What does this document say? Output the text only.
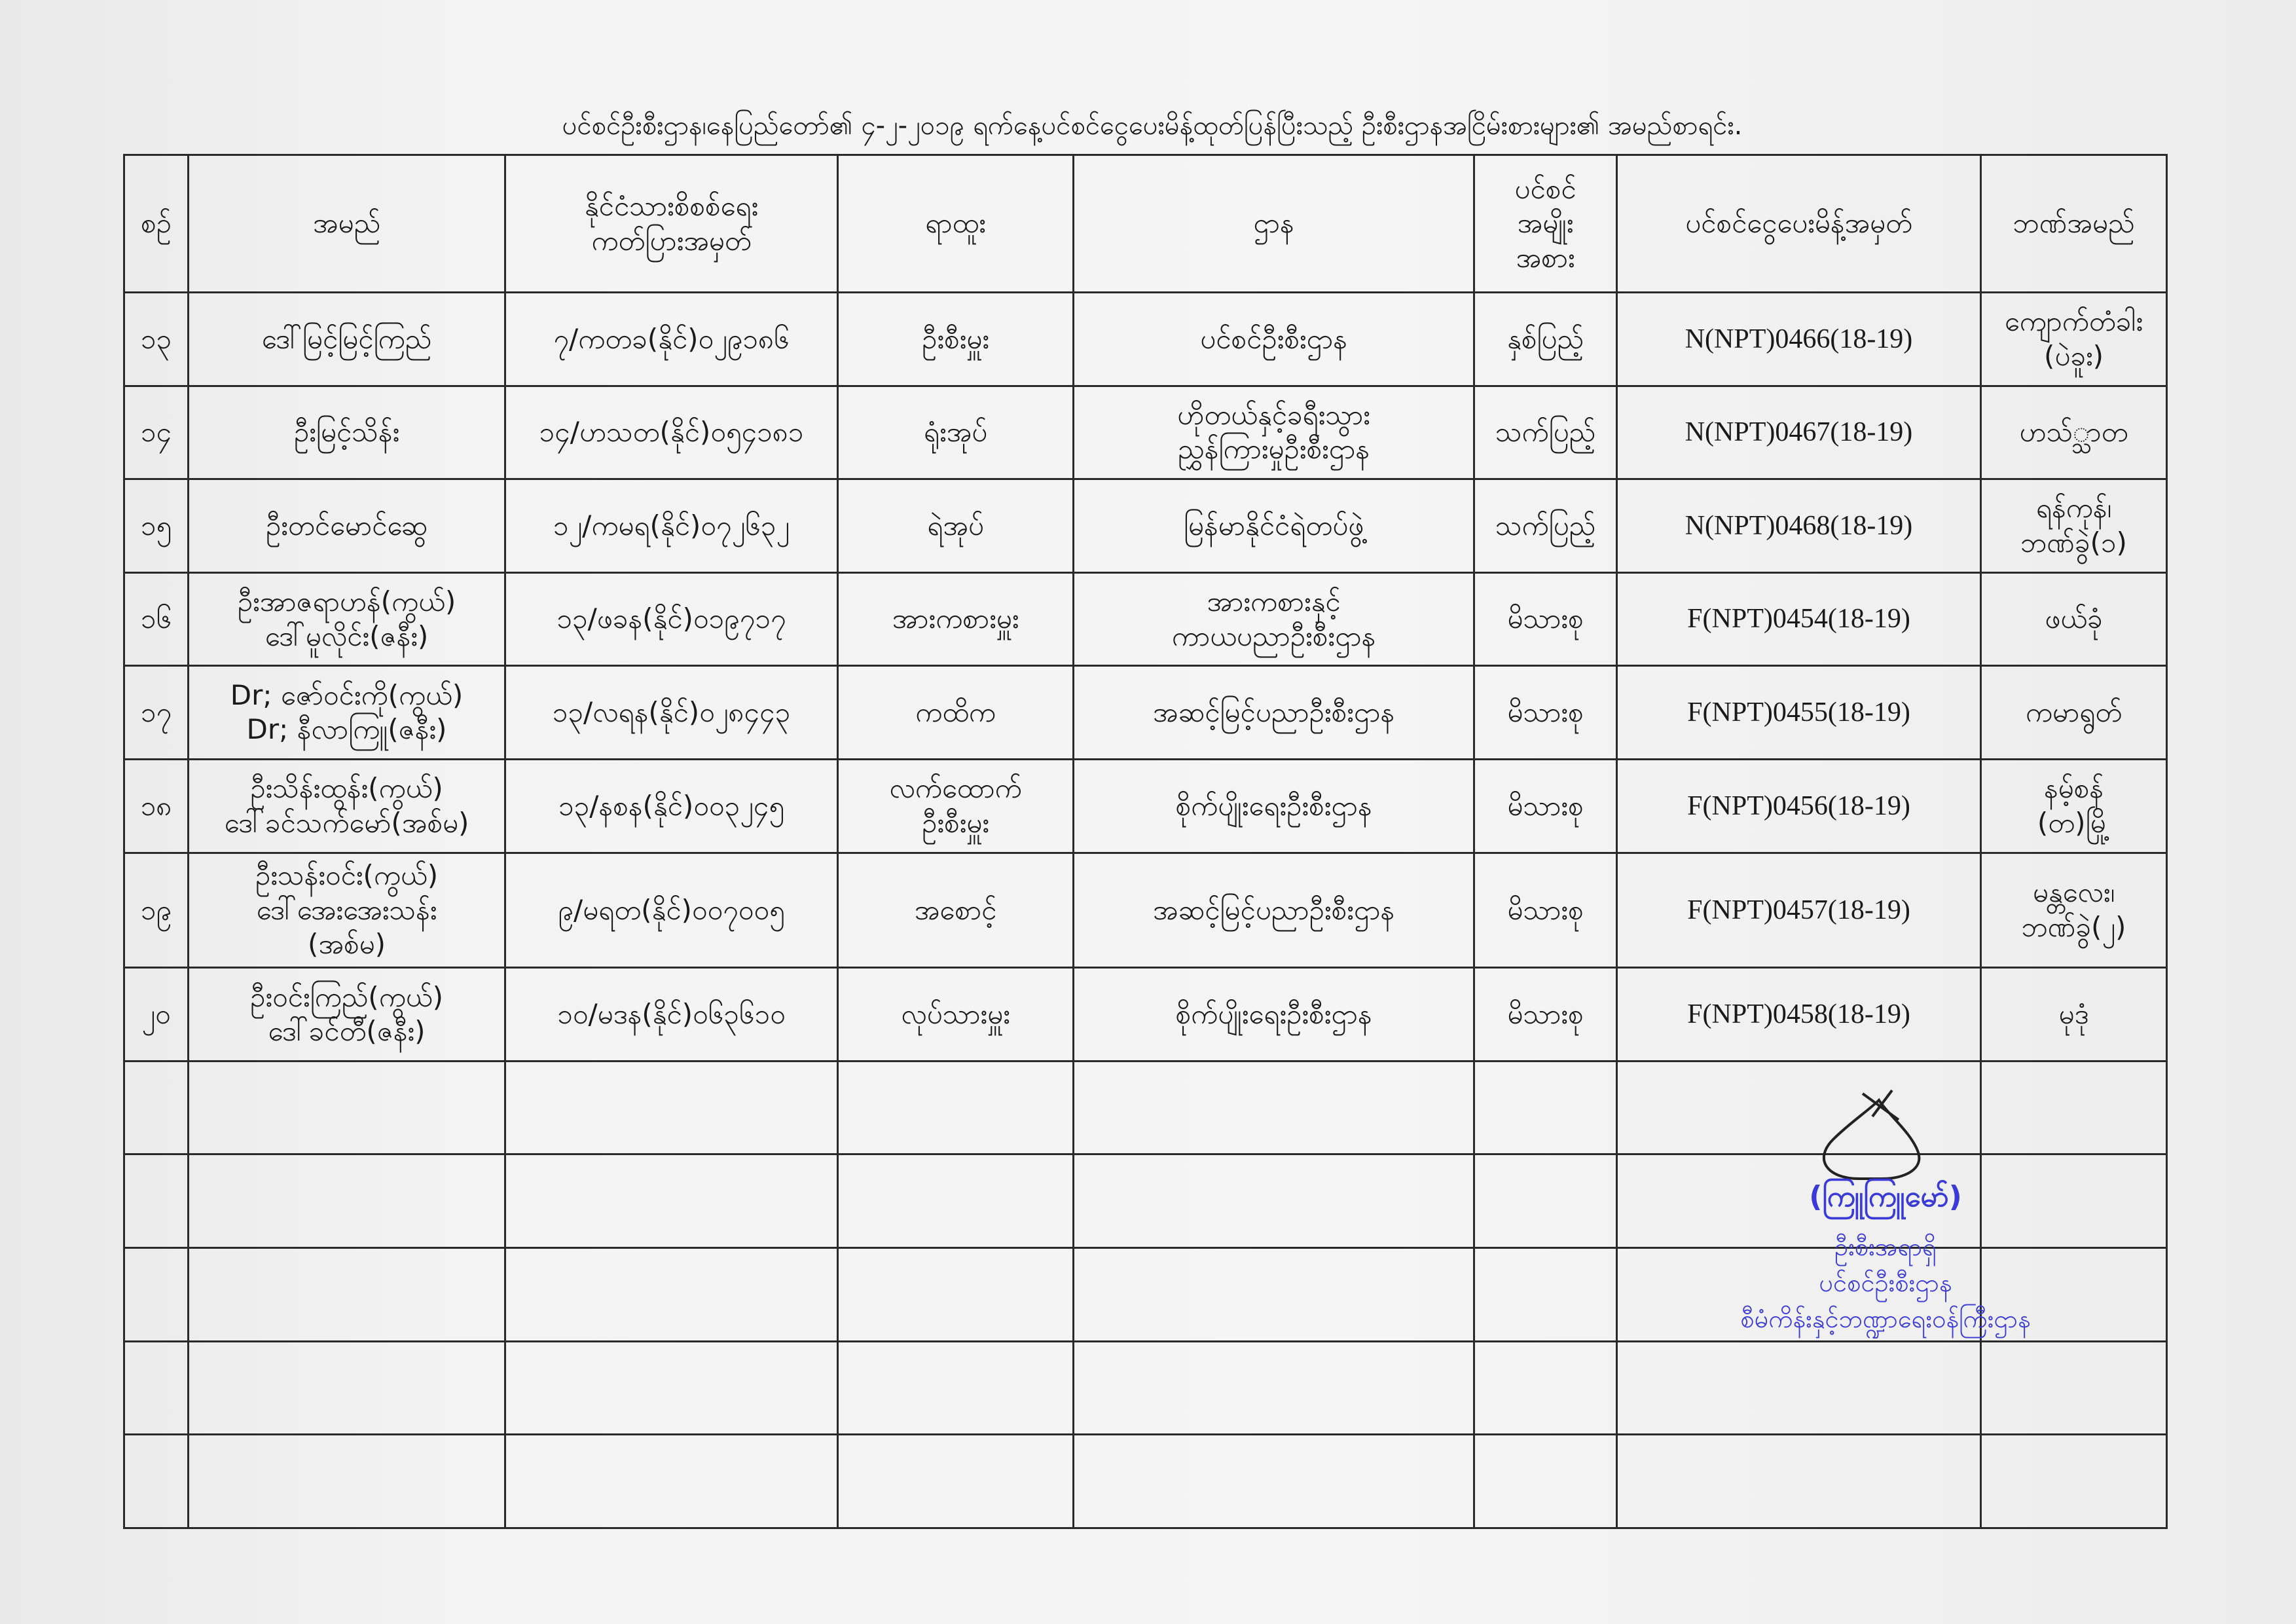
ပင်စင်ဦးစီးဌာန၊နေပြည်တော်၏ ၄-၂-၂၀၁၉ ရက်နေ့ပင်စင်ငွေပေးမိန့်ထုတ်ပြန်ပြီးသည့် ဦးစီးဌာနအငြိမ်းစားများ၏ အမည်စာရင်း.
စဉ်	အမည်	နိုင်ငံသားစိစစ်ရေး
ကတ်ပြားအမှတ်	ရာထူး	ဌာန	ပင်စင်
အမျိုး
အစား	ပင်စင်ငွေပေးမိန့်အမှတ်	ဘဏ်အမည်
၁၃	ဒေါ်မြင့်မြင့်ကြည်	၇/ကတခ(နိုင်)၀၂၉၁၈၆	ဦးစီးမှူး	ပင်စင်ဦးစီးဌာန	နှစ်ပြည့်	N(NPT)0466(18-19)	ကျောက်တံခါး
(ပဲခူး)

၁၄	ဦးမြင့်သိန်း	၁၄/ဟသတ(နိုင်)၀၅၄၁၈၁	ရုံးအုပ်	ဟိုတယ်နှင့်ခရီးသွား
ညွှန်ကြားမှုဦးစီးဌာန	သက်ပြည့်	N(NPT)0467(18-19)	ဟသ်္သာတ

၁၅	ဦးတင်မောင်ဆွေ	၁၂/ကမရ(နိုင်)၀၇၂၆၃၂	ရဲအုပ်	မြန်မာနိုင်ငံရဲတပ်ဖွဲ့	သက်ပြည့်	N(NPT)0468(18-19)	ရန်ကုန်၊
ဘဏ်ခွဲ(၁)

၁၆	ဦးအာဇရာဟန်(ကွယ်)
ဒေါ်မူလိုင်း(ဇနီး)	၁၃/ဖခန(နိုင်)၀၁၉၇၁၇	အားကစားမှူး	အားကစားနှင့်
ကာယပညာဦးစီးဌာန	မိသားစု	F(NPT)0454(18-19)	ဖယ်ခုံ

၁၇	Dr; ဇော်ဝင်းကို(ကွယ်)
Dr; နီလာကြူ(ဇနီး)	၁၃/လရန(နိုင်)၀၂၈၄၄၃	ကထိက	အဆင့်မြင့်ပညာဦးစီးဌာန	မိသားစု	F(NPT)0455(18-19)	ကမာရွတ်

၁၈	ဦးသိန်းထွန်း(ကွယ်)
ဒေါ်ခင်သက်မော်(အစ်မ)	၁၃/နစန(နိုင်)၀၀၃၂၄၅	လက်ထောက်
ဦးစီးမှူး	စိုက်ပျိုးရေးဦးစီးဌာန	မိသားစု	F(NPT)0456(18-19)	နမ့်စန်
(တ)မြို့

၁၉	ဦးသန်းဝင်း(ကွယ်)
ဒေါ်အေးအေးသန်း
(အစ်မ)	၉/မရတ(နိုင်)၀၀၇၀၀၅	အစောင့်	အဆင့်မြင့်ပညာဦးစီးဌာန	မိသားစု	F(NPT)0457(18-19)	မန္တလေး၊
ဘဏ်ခွဲ(၂)

၂၀	ဦးဝင်းကြည်(ကွယ်)
ဒေါ်ခင်တီ(ဇနီး)	၁၀/မဒန(နိုင်)၀၆၃၆၁၀	လုပ်သားမှူး	စိုက်ပျိုးရေးဦးစီးဌာန	မိသားစု	F(NPT)0458(18-19)	မုဒုံ

(ကြူကြူမော်)
ဦးစီးအရာရှိ
ပင်စင်ဦးစီးဌာန
စီမံကိန်းနှင့်ဘဏ္ဍာရေးဝန်ကြီးဌာန
